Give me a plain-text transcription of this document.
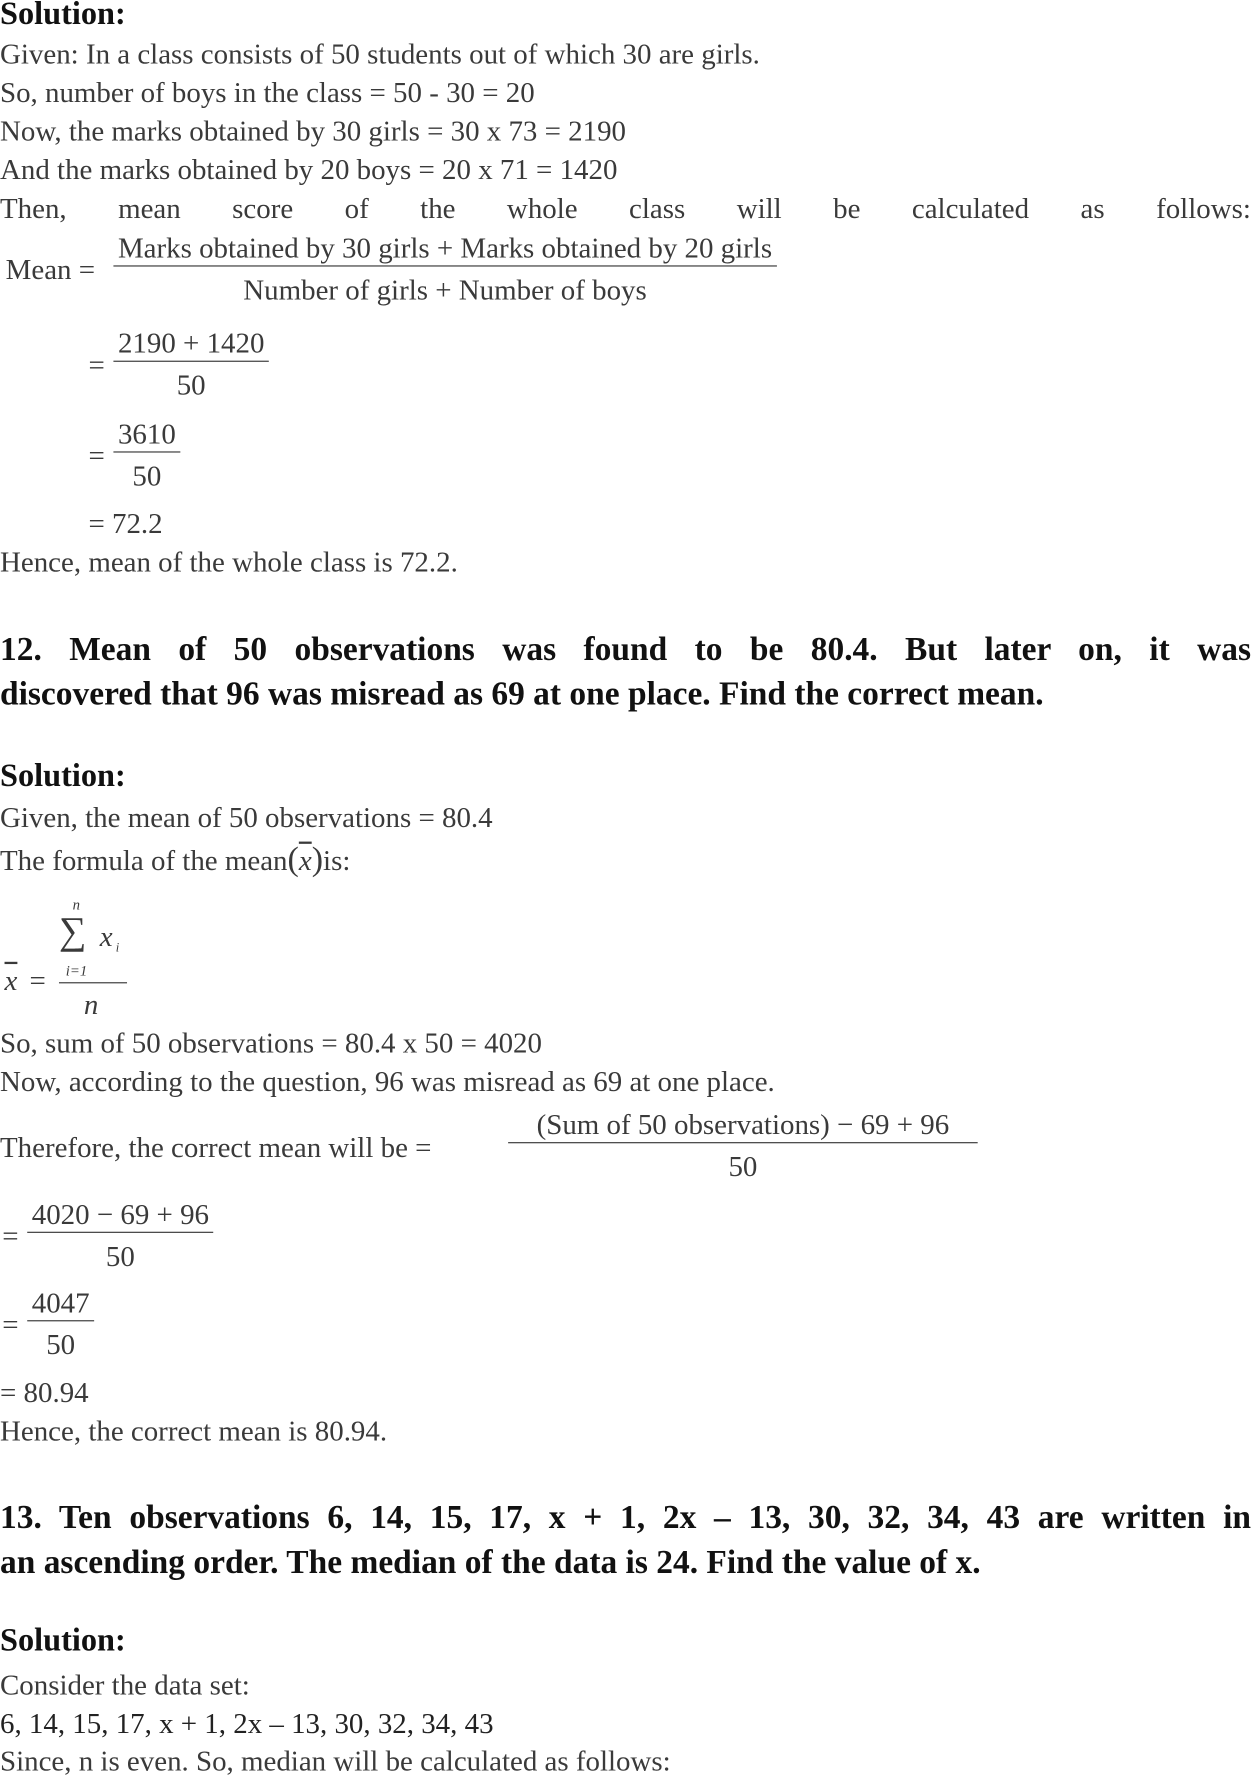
Solution:
Given: In a class consists of 50 students out of which 30 are girls.
So, number of boys in the class = 50 - 30 = 20
Now, the marks obtained by 30 girls = 30 x 73 = 2190
And the marks obtained by 20 boys = 20 x 71 = 1420
Then, mean score of the whole class will be calculated as follows:
Mean =
Marks obtained by 30 girls + Marks obtained by 20 girls
Number of girls + Number of boys
= $\frac{2190 + 1420}{50}$
= $\frac{3610}{50}$
= 72.2
Hence, mean of the whole class is 72.2.
12. Mean of 50 observations was found to be 80.4. But later on, it was
discovered that 96 was misread as 69 at one place. Find the correct mean.
Solution:
Given, the mean of 50 observations = 80.4
The formula of the $mean(\overline{x})is$:
n
∑ x i
i=1
$\overline{x}$ =
n
So, sum of 50 observations = 80.4 x 50 = 4020
Now, according to the question, 96 was misread as 69 at one place.
Therefore, the correct mean will be =
(Sum of 50 observations) − 69 + 96
50
= $\frac{4020 - 69 + 96}{50}$
= $\frac{4047}{50}$
= 80.94
Hence, the correct mean is 80.94.
13. Ten observations 6, 14, 15, 17, x + 1, 2x – 13, 30, 32, 34, 43 are written in
an ascending order. The median of the data is 24. Find the value of x.
Solution:
Consider the data set:
6, 14, 15, 17, x + 1, 2x – 13, 30, 32, 34, 43
Since, n is even. So, median will be calculated as follows:
